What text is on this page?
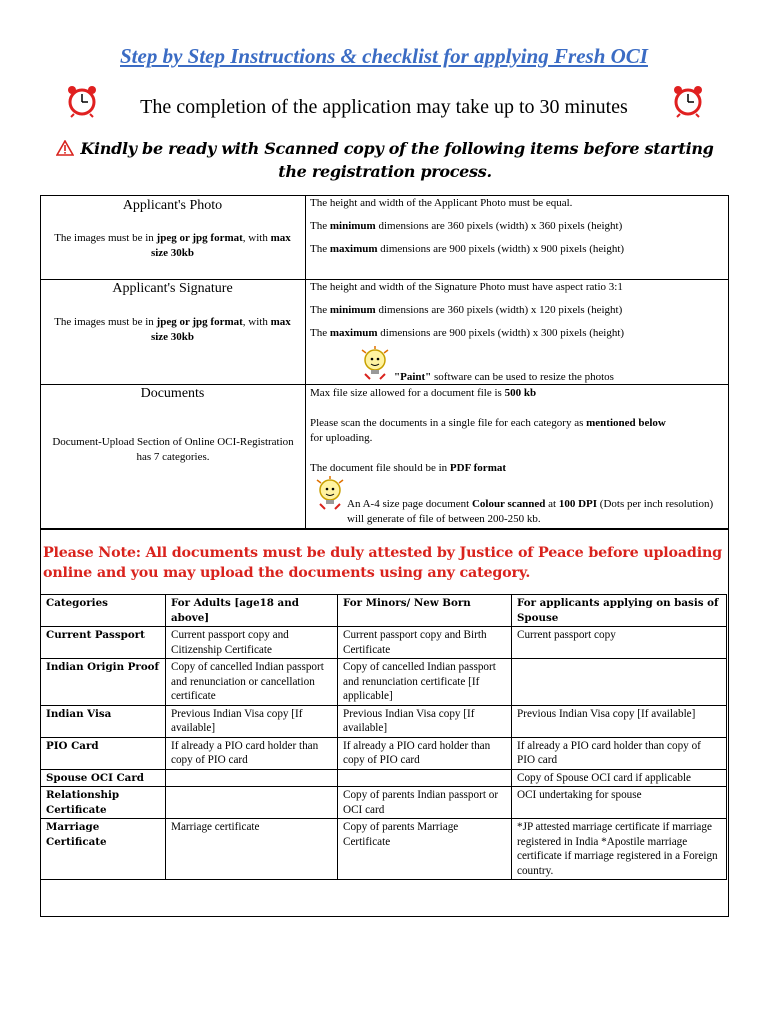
Step by Step Instructions & checklist for applying Fresh OCI
The completion of the application may take up to 30 minutes
Kindly be ready with Scanned copy of the following items before starting the registration process.
Applicant's Photo
The images must be in jpeg or jpg format, with max size 30kb
The height and width of the Applicant Photo must be equal.
The minimum dimensions are 360 pixels (width) x 360 pixels (height)
The maximum dimensions are 900 pixels (width) x 900 pixels (height)
Applicant's Signature
The images must be in jpeg or jpg format, with max size 30kb
The height and width of the Signature Photo must have aspect ratio 3:1
The minimum dimensions are 360 pixels (width) x 120 pixels (height)
The maximum dimensions are 900 pixels (width) x 300 pixels (height)
"Paint" software can be used to resize the photos
Documents
Document-Upload Section of Online OCI-Registration has 7 categories.
Max file size allowed for a document file is 500 kb
Please scan the documents in a single file for each category as mentioned below for uploading.
The document file should be in PDF format
An A-4 size page document Colour scanned at 100 DPI (Dots per inch resolution) will generate of file of between 200-250 kb.
Please Note: All documents must be duly attested by Justice of Peace before uploading online and you may upload the documents using any category.
Categories	For Adults [age18 and above]	For Minors/ New Born	For applicants applying on basis of Spouse
Current Passport	Current passport copy and Citizenship Certificate	Current passport copy and Birth Certificate	Current passport copy
Indian Origin Proof	Copy of cancelled Indian passport and renunciation or cancellation certificate	Copy of cancelled Indian passport and renunciation certificate [If applicable]	
Indian Visa	Previous Indian Visa copy [If available]	Previous Indian Visa copy [If available]	Previous Indian Visa copy [If available]
PIO Card	If already a PIO card holder than copy of PIO card	If already a PIO card holder than copy of PIO card	If already a PIO card holder than copy of PIO card
Spouse OCI Card			Copy of Spouse OCI card if applicable
Relationship Certificate		Copy of parents Indian passport or OCI card	OCI undertaking for spouse
Marriage Certificate	Marriage certificate	Copy of parents Marriage Certificate	*JP attested marriage certificate if marriage registered in India *Apostile marriage certificate if marriage registered in a Foreign country.
